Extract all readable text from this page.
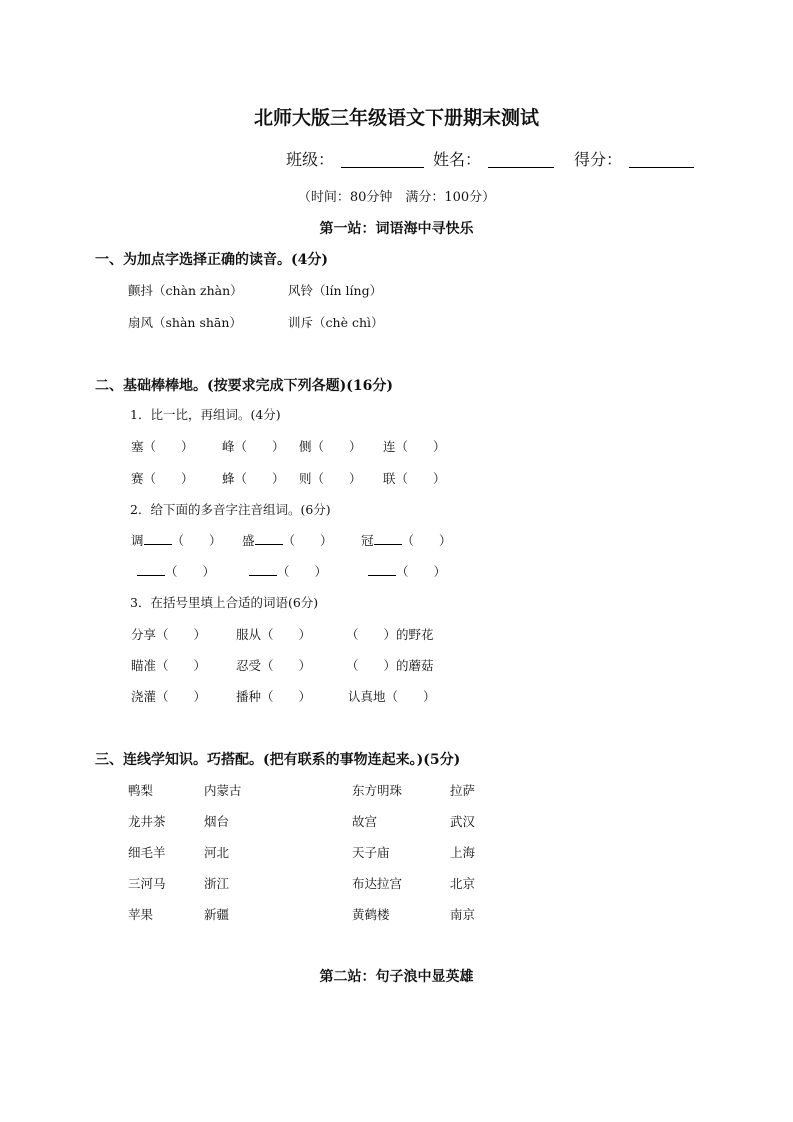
北师大版三年级语文下册期末测试
班级：	姓名：	得分：
（时间：80分钟　满分：100分）
第一站：词语海中寻快乐
一、为加点字选择正确的读音。(4分)
颤抖（chàn zhàn）	风铃（lín líng）
扇风（shàn shān）	训斥（chè chì）
二、基础棒棒地。(按要求完成下列各题)(16分)
1．比一比，再组词。(4分)
塞（　　） 峰（　　） 侧（　　） 连（　　）
赛（　　） 蜂（　　） 则（　　） 联（　　）
2．给下面的多音字注音组词。(6分)
调 （　　） 盛 （　　） 冠 （　　）
（　　）	（　　）	（　　）
3．在括号里填上合适的词语(6分)
分享（　　） 服从（　　）	（　　）的野花
瞄准（　　） 忍受（　　）	（　　）的蘑菇
浇灌（　　） 播种（　　）	认真地（　　）
三、连线学知识。巧搭配。(把有联系的事物连起来。)(5分)
鸭梨	内蒙古	东方明珠	拉萨
龙井茶	烟台	故宫	武汉
细毛羊	河北	天子庙	上海
三河马	浙江	布达拉宫	北京
苹果	新疆	黄鹤楼	南京
第二站：句子浪中显英雄
